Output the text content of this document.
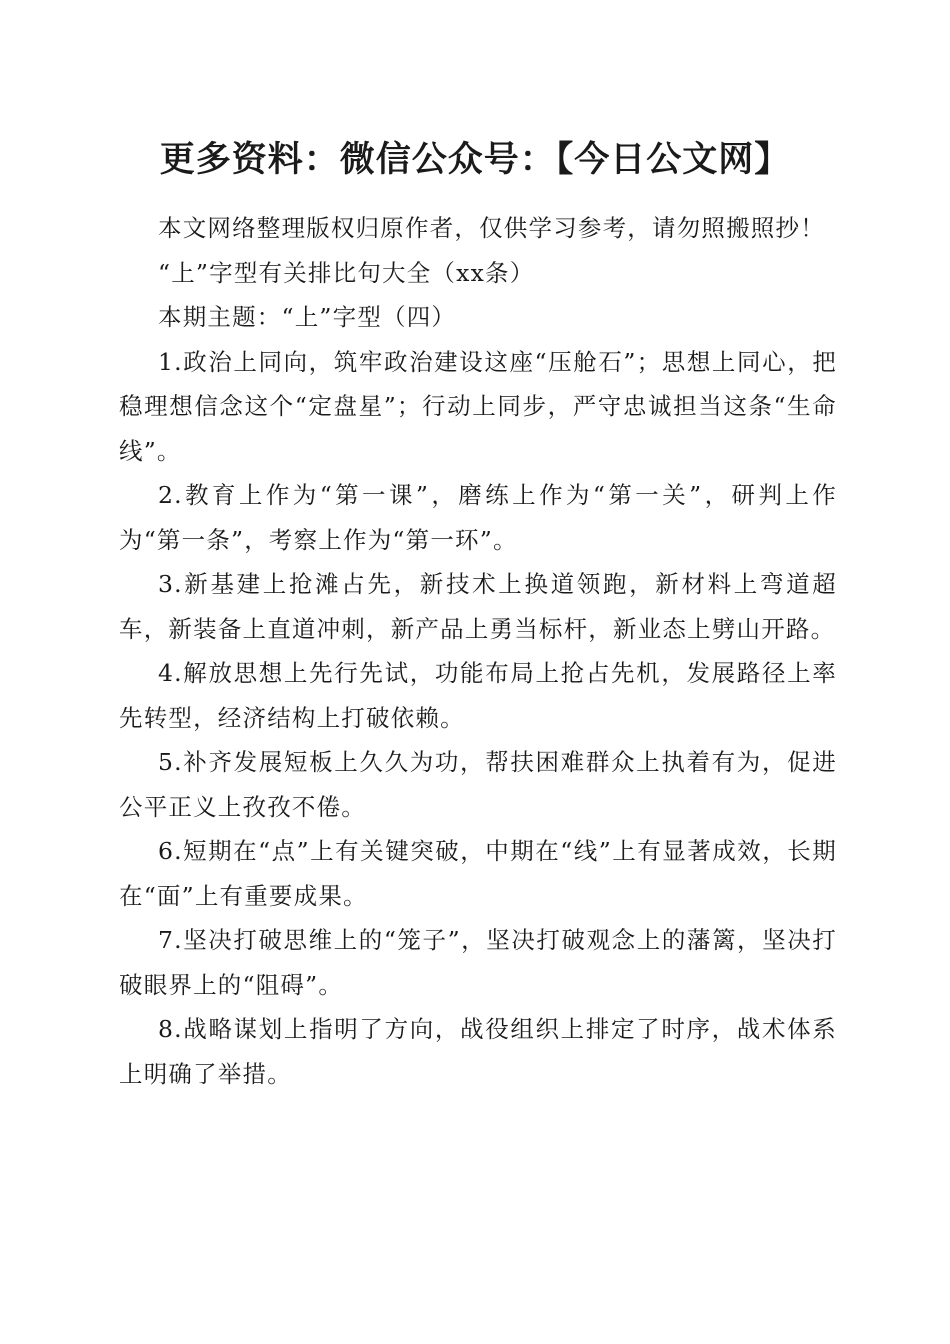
更多资料：微信公众号：【今日公文网】

本文网络整理版权归原作者，仅供学习参考，请勿照搬照抄！

“上”字型有关排比句大全（xx条）

本期主题：“上”字型（四）

1.政治上同向，筑牢政治建设这座“压舱石”；思想上同心，把稳理想信念这个“定盘星”；行动上同步，严守忠诚担当这条“生命线”。

2.教育上作为“第一课”，磨练上作为“第一关”，研判上作为“第一条”，考察上作为“第一环”。

3.新基建上抢滩占先，新技术上换道领跑，新材料上弯道超车，新装备上直道冲刺，新产品上勇当标杆，新业态上劈山开路。

4.解放思想上先行先试，功能布局上抢占先机，发展路径上率先转型，经济结构上打破依赖。

5.补齐发展短板上久久为功，帮扶困难群众上执着有为，促进公平正义上孜孜不倦。

6.短期在“点”上有关键突破，中期在“线”上有显著成效，长期在“面”上有重要成果。

7.坚决打破思维上的“笼子”，坚决打破观念上的藩篱，坚决打破眼界上的“阻碍”。

8.战略谋划上指明了方向，战役组织上排定了时序，战术体系上明确了举措。
